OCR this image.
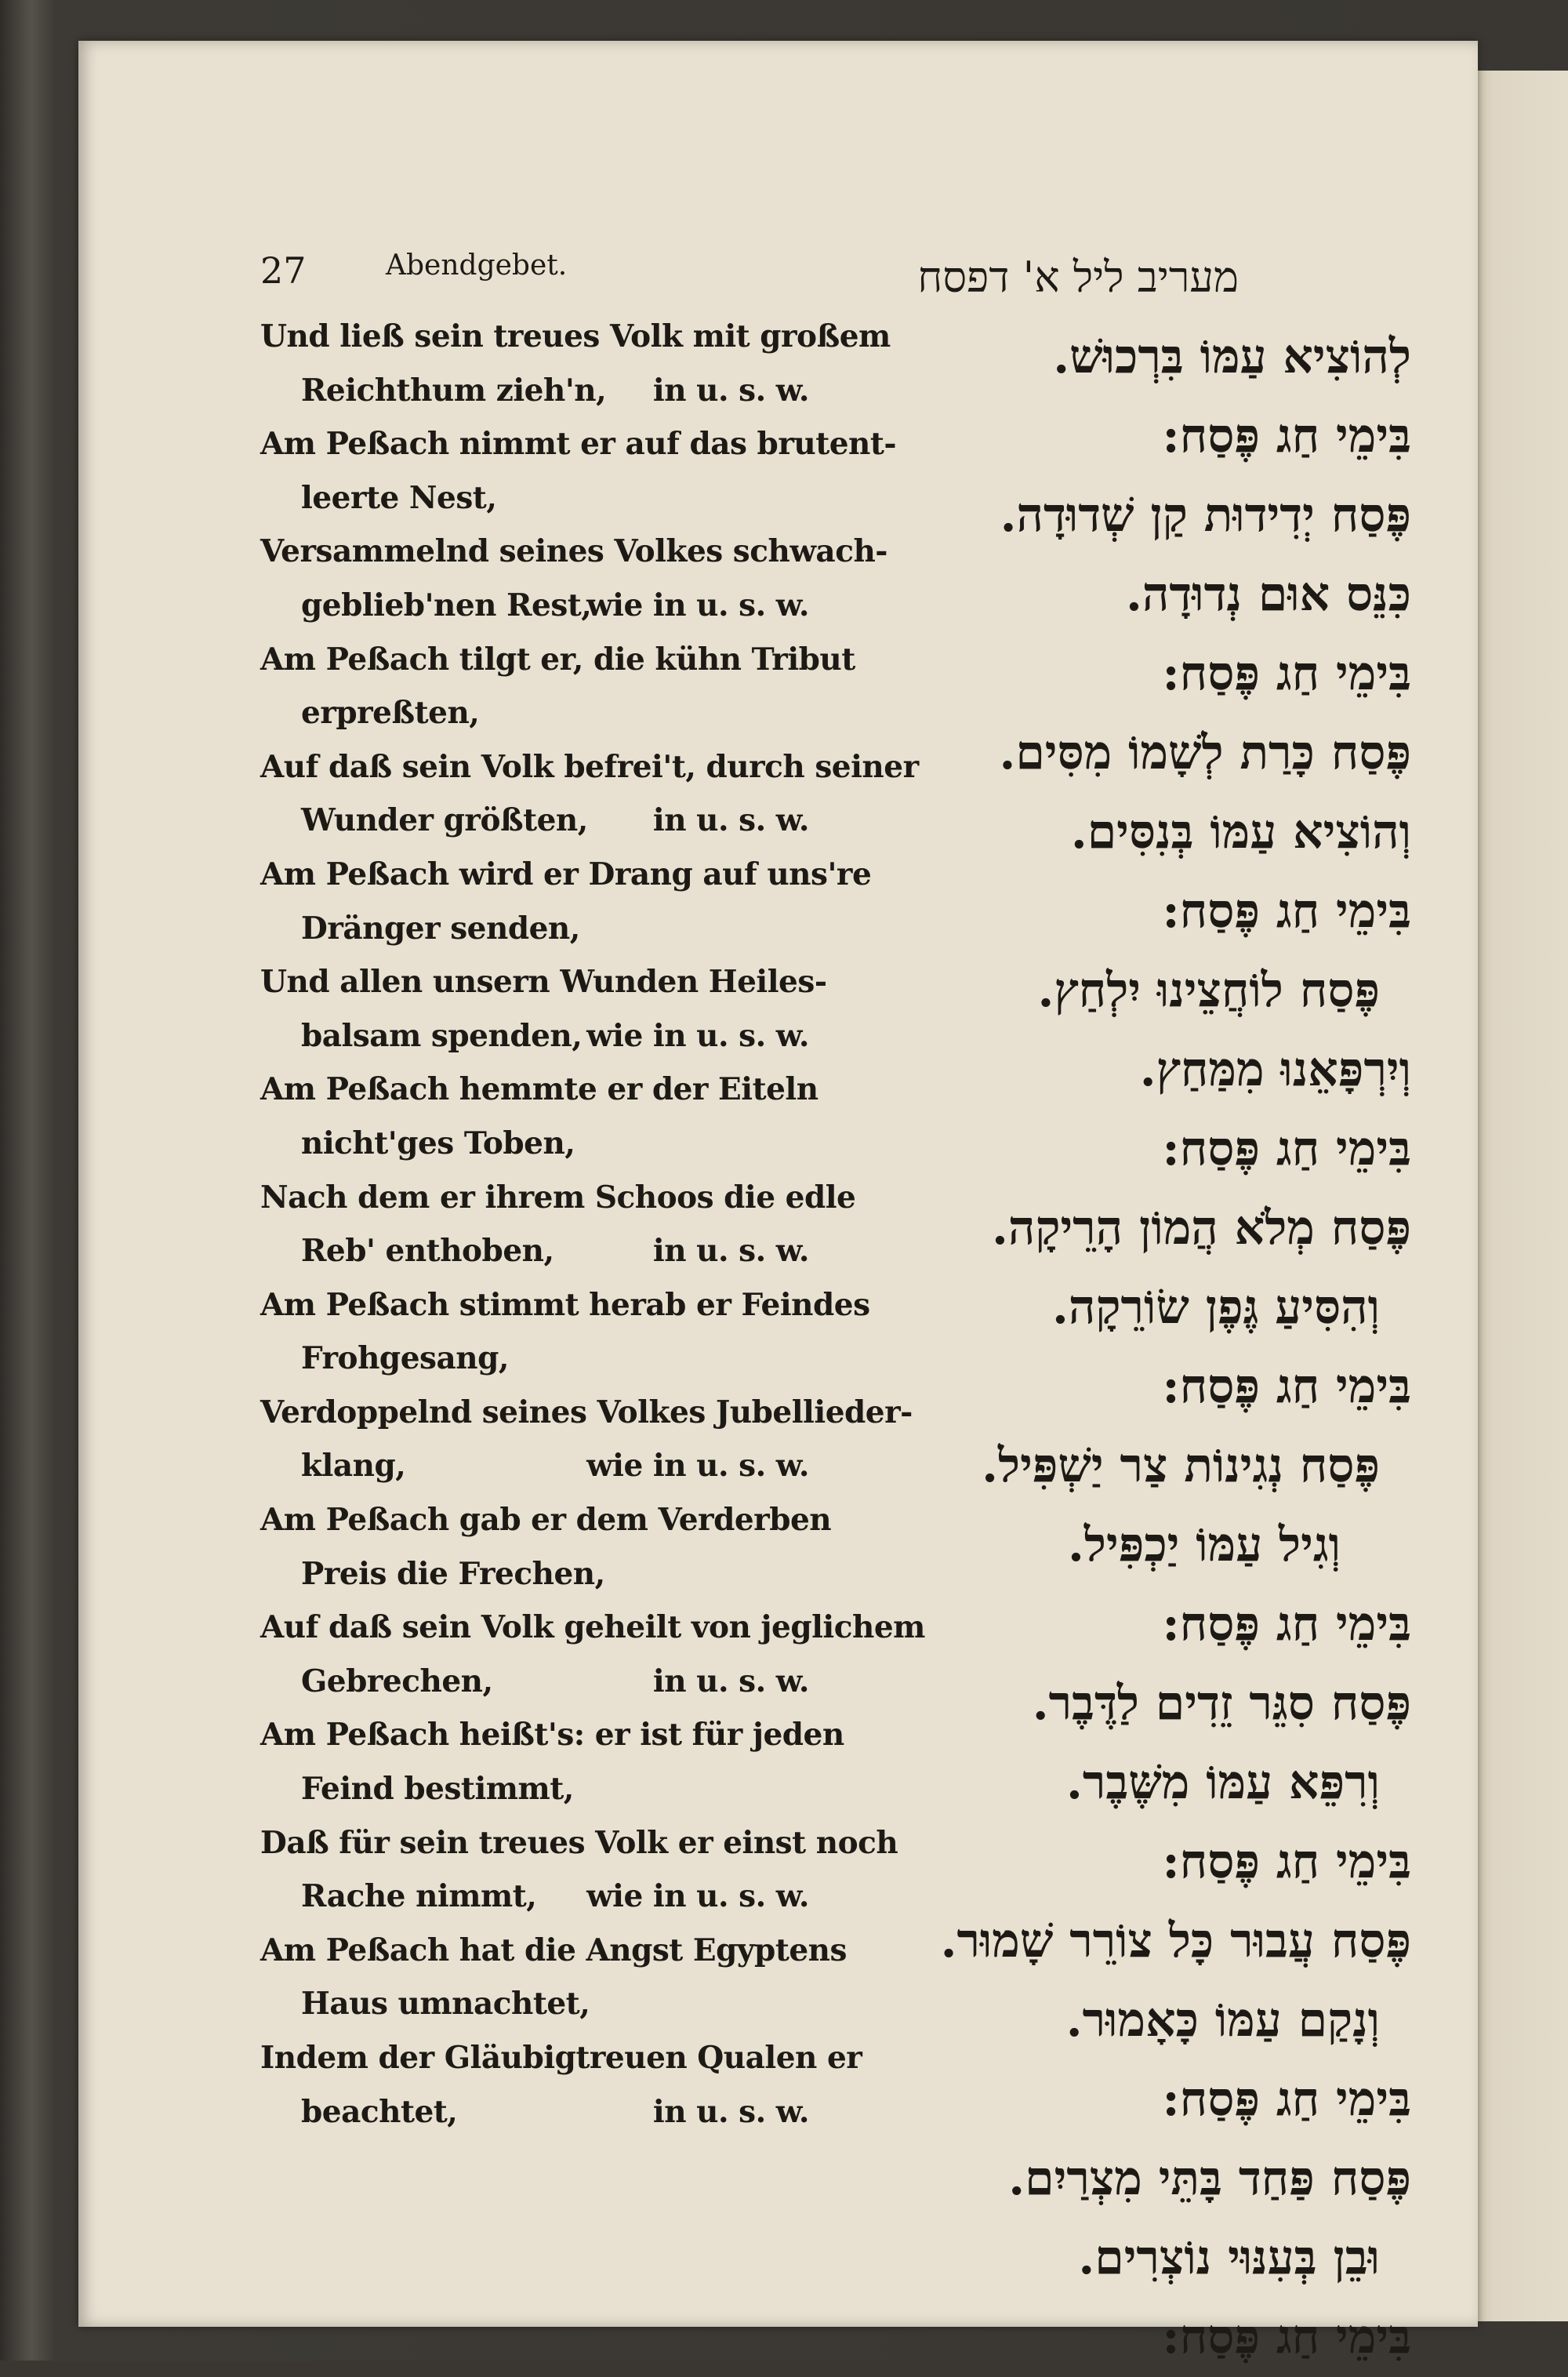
27	Abendgebet.	מעריב ליל א' דפסח
Und ließ sein treues Volk mit großem
Reichthum zieh'n, in u. s. w.
Am Peßach nimmt er auf das brutent-
leerte Nest,
Versammelnd seines Volkes schwach-
geblieb'nen Rest,
wie in u. s. w.
Am Peßach tilgt er, die kühn Tribut
erpreßten,
Auf daß sein Volk befrei't, durch seiner
Wunder größten, in u. s. w.
Am Peßach wird er Drang auf uns're
Dränger senden,
Und allen unsern Wunden Heiles-
balsam spenden, wie in u. s. w.
Am Peßach hemmte er der Eiteln
nicht'ges Toben,
Nach dem er ihrem Schoos die edle
Reb' enthoben,	in u. s. w.
Am Peßach stimmt herab er Feindes
Frohgesang,
Verdoppelnd seines Volkes Jubellieder-
klang,	wie in u. s. w.
Am Peßach gab er dem Verderben
Preis die Frechen,
Auf daß sein Volk geheilt von jeglichem
Gebrechen,	in u. s. w.
Am Peßach heißt's: er ist für jeden
Feind bestimmt,
Daß für sein treues Volk er einst noch
Rache nimmt, wie in u. s. w.
Am Peßach hat die Angst Egyptens
Haus umnachtet,
Indem der Gläubigtreuen Qualen er
beachtet,	in u. s. w.
לְהוֹצִיא עַמּוֹ בִּרְכוּשׁ.
בִּימֵי חַג פֶּסַח:
פֶּסַח יְדִידוּת קַן שְׁדוּדָה.
כִּנֵּס אוּם נְדוּדָה.
בִּימֵי חַג פֶּסַח:
פֶּסַח כָּרַת לְשָׁמוֹ מִסִּים.
וְהוֹצִיא עַמּוֹ בְּנִסִּים.
בִּימֵי חַג פֶּסַח:
פֶּסַח לוֹחֲצֵינוּ יִלְחַץ.
וְיִרְפָּאֵנוּ מִמַּחַץ.
בִּימֵי חַג פֶּסַח:
פֶּסַח מְלֹא הֲמוֹן הָרֵיקָה.
וְהִסִּיעַ גֶּפֶן שׂוֹרֵקָה.
בִּימֵי חַג פֶּסַח:
פֶּסַח נְגִינוֹת צַר יַשְׁפִּיל.
וְגִיל עַמּוֹ יַכְפִּיל.
בִּימֵי חַג פֶּסַח:
פֶּסַח סִגֵּר זֵדִים לַדֶּבֶר.
וְרִפֵּא עַמּוֹ מִשֶּׁבֶר.
בִּימֵי חַג פֶּסַח:
פֶּסַח עֲבוּר כָּל צוֹרֵר שָׁמוּר.
וְנָקַם עַמּוֹ כָּאָמוּר.
בִּימֵי חַג פֶּסַח:
פֶּסַח פַּחַד בָּתֵּי מִצְרַיִם.
וּבֵן בְּעִנּוּי נוֹצְרִים.
בִּימֵי חַג פֶּסַח:
